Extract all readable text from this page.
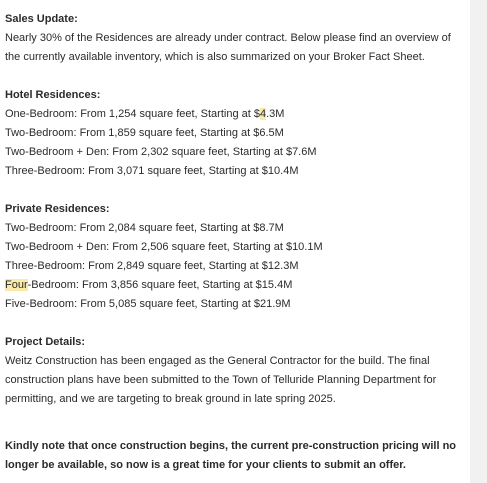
Sales Update:
Nearly 30% of the Residences are already under contract. Below please find an overview of the currently available inventory, which is also summarized on your Broker Fact Sheet.
Hotel Residences:
One-Bedroom: From 1,254 square feet, Starting at $4.3M
Two-Bedroom: From 1,859 square feet, Starting at $6.5M
Two-Bedroom + Den: From 2,302 square feet, Starting at $7.6M
Three-Bedroom: From 3,071 square feet, Starting at $10.4M
Private Residences:
Two-Bedroom: From 2,084 square feet, Starting at $8.7M
Two-Bedroom + Den: From 2,506 square feet, Starting at $10.1M
Three-Bedroom: From 2,849 square feet, Starting at $12.3M
Four-Bedroom: From 3,856 square feet, Starting at $15.4M
Five-Bedroom: From 5,085 square feet, Starting at $21.9M
Project Details:
Weitz Construction has been engaged as the General Contractor for the build. The final construction plans have been submitted to the Town of Telluride Planning Department for permitting, and we are targeting to break ground in late spring 2025.
Kindly note that once construction begins, the current pre-construction pricing will no longer be available, so now is a great time for your clients to submit an offer.
